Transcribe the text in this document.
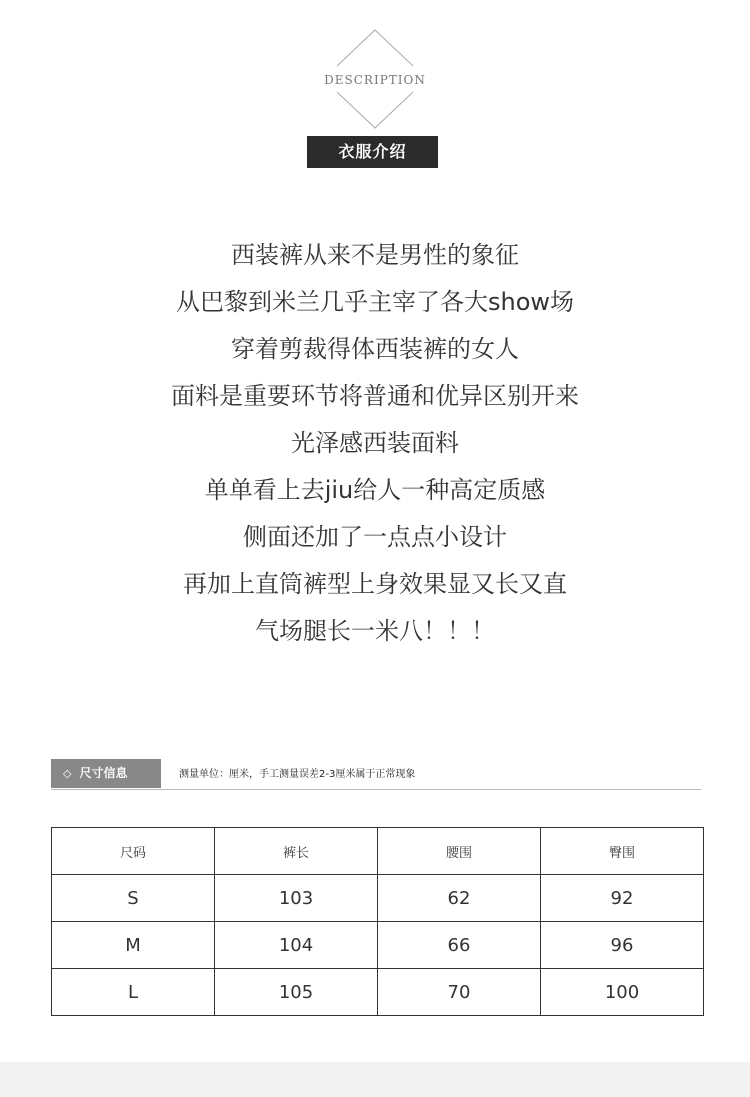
DESCRIPTION
衣服介绍
西装裤从来不是男性的象征
从巴黎到米兰几乎主宰了各大show场
穿着剪裁得体西装裤的女人
面料是重要环节将普通和优异区别开来
光泽感西装面料
单单看上去jiu给人一种高定质感
侧面还加了一点点小设计
再加上直筒裤型上身效果显又长又直
气场腿长一米八！！！
◇ 尺寸信息	测量单位：厘米，手工测量误差2-3厘米属于正常现象
尺码	裤长	腰围	臀围
S	103	62	92
M	104	66	96
L	105	70	100
